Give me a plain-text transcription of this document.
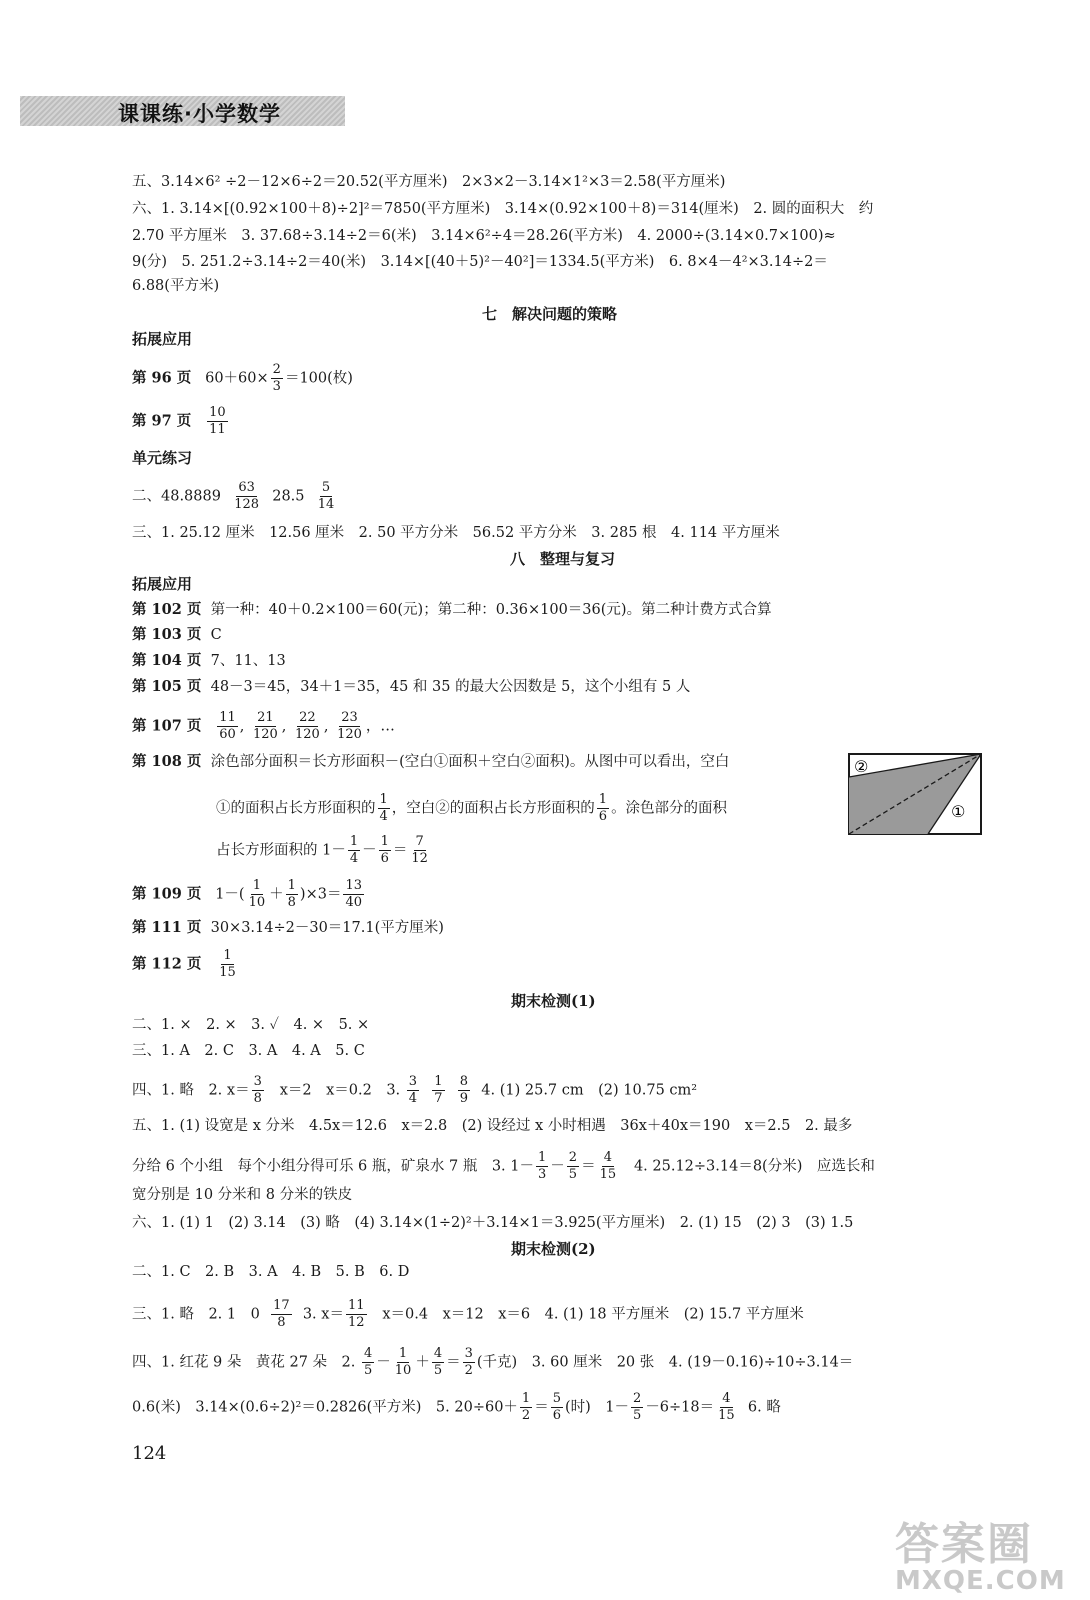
课课练·小学数学
五、3.14×6² ÷2－12×6÷2＝20.52(平方厘米)　2×3×2－3.14×1²×3＝2.58(平方厘米)
六、1. 3.14×[(0.92×100＋8)÷2]²＝7850(平方厘米)　3.14×(0.92×100＋8)＝314(厘米)　2. 圆的面积大　约
2.70 平方厘米　3. 37.68÷3.14÷2＝6(米)　3.14×6²÷4＝28.26(平方米)　4. 2000÷(3.14×0.7×100)≈
9(分)　5. 251.2÷3.14÷2＝40(米)　3.14×[(40＋5)²－40²]＝1334.5(平方米)　6. 8×4－4²×3.14÷2＝
6.88(平方米)
七　解决问题的策略
拓展应用
第 96 页 $60+60\times \frac{2}{3} =100$(枚)
第 97 页 $\frac{10}{11}$
单元练习
二、$48.8889 \frac{63}{128} 28.5 \frac{5}{14}$
三、1. 25.12 厘米　12.56 厘米　2. 50 平方分米　56.52 平方分米　3. 285 根　4. 114 平方厘米
八　整理与复习
拓展应用
第 102 页 第一种：40＋0.2×100＝60(元)；第二种：0.36×100＝36(元)。第二种计费方式合算
第 103 页 C
第 104 页 7、11、13
第 105 页 48－3＝45，34＋1＝35，45 和 35 的最大公因数是 5，这个小组有 5 人
第 107 页 $\frac{11}{60}$ , $\frac{21}{120}$ , $\frac{22}{120}$ , $\frac{23}{120}$ ，…
第 108 页 涂色部分面积＝长方形面积－(空白①面积＋空白②面积)。从图中可以看出，空白
①的面积占长方形面积的 $\frac{1}{4}$ ，空白②的面积占长方形面积的 $\frac{1}{6}$ 。涂色部分的面积
占长方形面积的 $1- \frac{1}{4} - \frac{1}{6} = \frac{7}{12}$
②
①
第 109 页 $1-( \frac{1}{10} + \frac{1}{8} )\times 3= \frac{13}{40}$
第 111 页 30×3.14÷2－30＝17.1(平方厘米)
第 112 页 $\frac{1}{15}$
期末检测(1)
二、1. ×　2. ×　3. ✓　4. ×　5. ×
三、1. A　2. C　3. A　4. A　5. C
四、1. 略　2. $x= \frac{3}{8} x=2$　x＝0.2　3. $\frac{3}{4}$
$\frac{1}{7}$
$\frac{8}{9} 4$. (1) 25.7 cm　(2) 10.75 cm²
五、1. (1) 设宽是 x 分米　4.5x＝12.6　x＝2.8　(2) 设经过 x 小时相遇　36x＋40x＝190　x＝2.5　2. 最多
分给 6 个小组　每个小组分得可乐 6 瓶，矿泉水 7 瓶　3. $1- \frac{1}{3} - \frac{2}{5} = \frac{4}{15} 4$. 25.12÷3.14＝8(分米)　应选长和
宽分别是 10 分米和 8 分米的铁皮
六、1. (1) 1　(2) 3.14　(3) 略　(4) 3.14×(1÷2)²＋3.14×1＝3.925(平方厘米)　2. (1) 15　(2) 3　(3) 1.5
期末检测(2)
二、1. C　2. B　3. A　4. B　5. B　6. D
三、1. 略　2. 1　$0 \frac{17}{8} 3$. $x= \frac{11}{12} x=0.4$　x＝12　x＝6　4. (1) 18 平方厘米　(2) 15.7 平方厘米
四、1. 红花 9 朵　黄花 27 朵　2. $\frac{4}{5} - \frac{1}{10} + \frac{4}{5} = \frac{3}{2}$ (千克)　3. 60 厘米　20 张　4. (19－0.16)÷10÷3.14＝
0.6(米)　3.14×(0.6÷2)²＝0.2826(平方米)　5. $20\div 60+ \frac{1}{2} = \frac{5}{6}$ (时)　$1- \frac{2}{5} -6\div 18= \frac{4}{15} 6$. 略
124
答案圈
MXQE.COM
